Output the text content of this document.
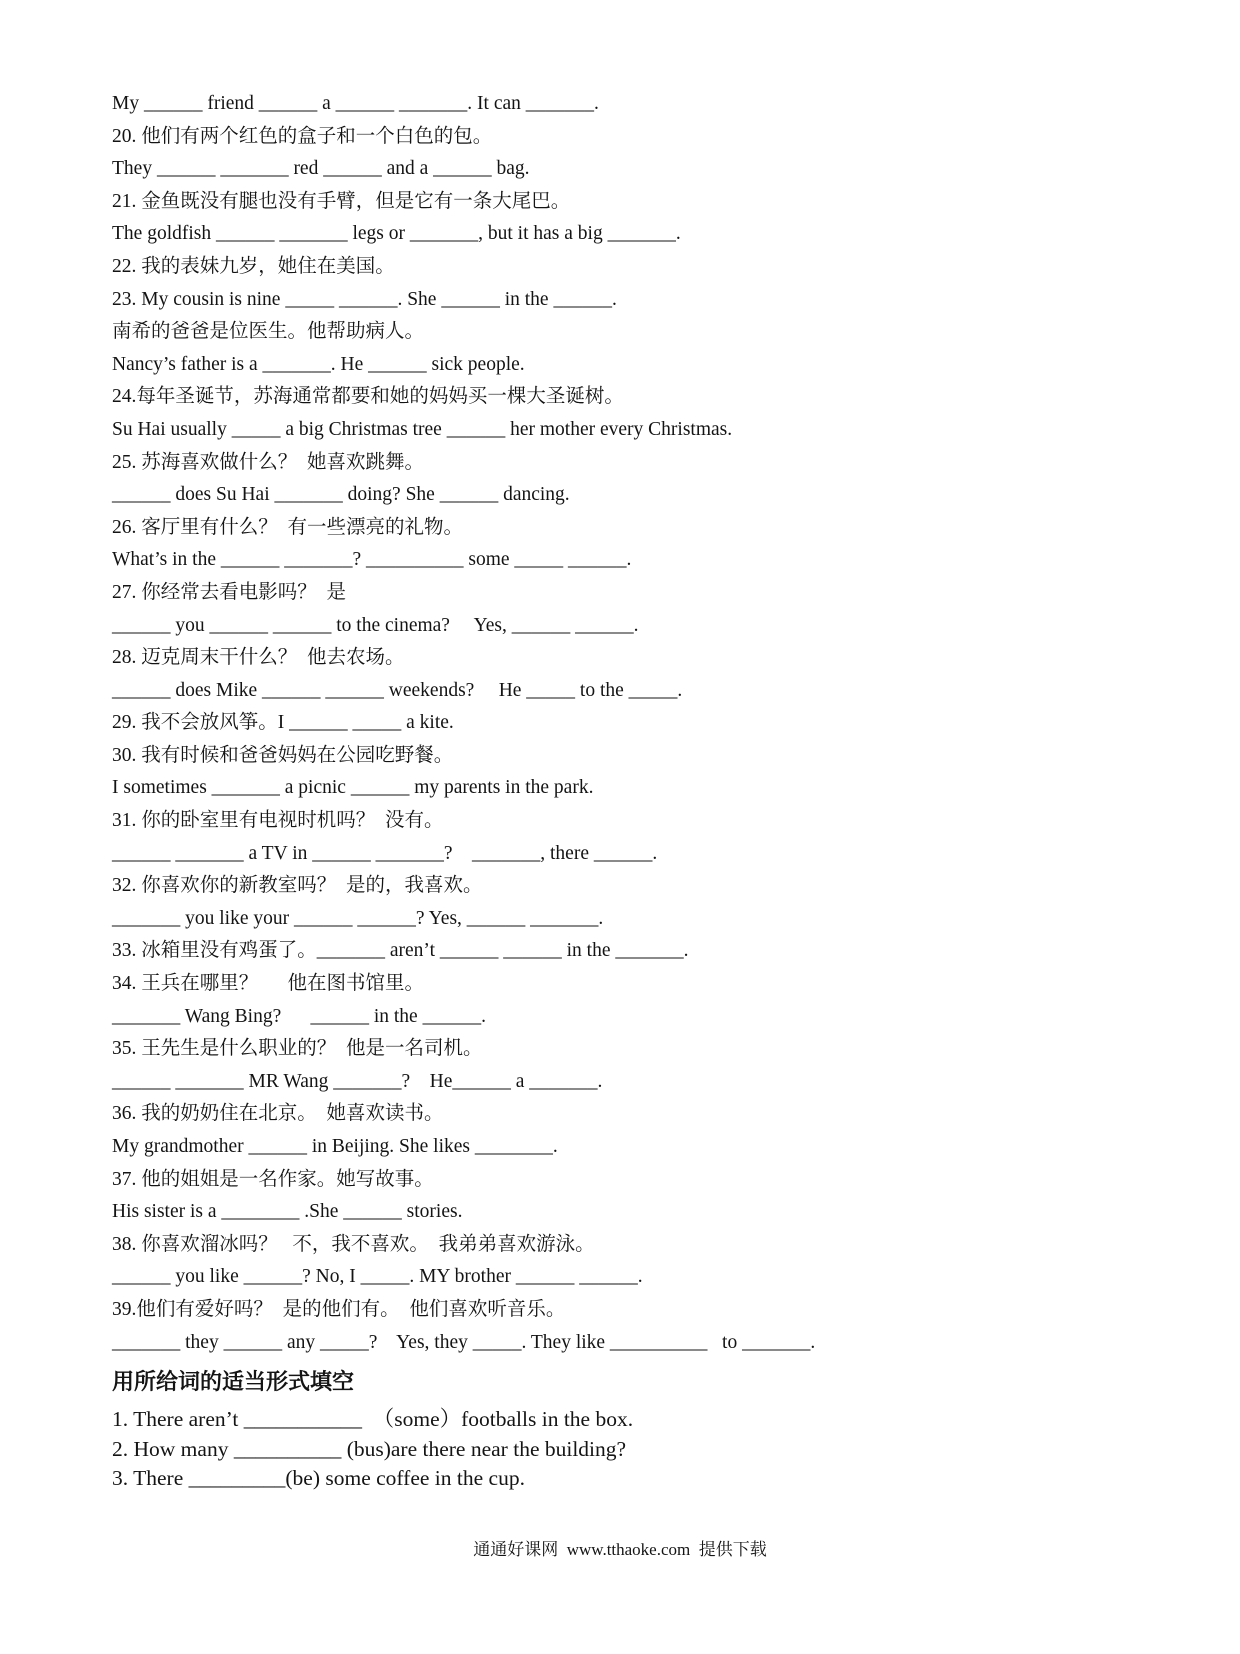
My ______ friend ______ a ______ _______. It can _______.
20. 他们有两个红色的盒子和一个白色的包。
They ______ _______ red ______ and a ______ bag.
21. 金鱼既没有腿也没有手臂，但是它有一条大尾巴。
The goldfish ______ _______ legs or _______, but it has a big _______.
22. 我的表妹九岁，她住在美国。
23. My cousin is nine _____ ______. She ______ in the ______.
南希的爸爸是位医生。他帮助病人。
Nancy’s father is a _______. He ______ sick people.
24.每年圣诞节，苏海通常都要和她的妈妈买一棵大圣诞树。
Su Hai usually _____ a big Christmas tree ______ her mother every Christmas.
25. 苏海喜欢做什么？  她喜欢跳舞。
______ does Su Hai _______ doing? She ______ dancing.
26. 客厅里有什么？  有一些漂亮的礼物。
What’s in the ______ _______? __________ some _____ ______.
27. 你经常去看电影吗？  是
______ you ______ ______ to the cinema?     Yes, ______ ______.
28. 迈克周末干什么？  他去农场。
______ does Mike ______ ______ weekends?     He _____ to the _____.
29. 我不会放风筝。I ______ _____ a kite.
30. 我有时候和爸爸妈妈在公园吃野餐。
I sometimes _______ a picnic ______ my parents in the park.
31. 你的卧室里有电视时机吗？  没有。
______ _______ a TV in ______ _______?    _______, there ______.
32. 你喜欢你的新教室吗？  是的，我喜欢。
_______ you like your ______ ______? Yes, ______ _______.
33. 冰箱里没有鸡蛋了。_______ aren’t ______ ______ in the _______.
34. 王兵在哪里？      他在图书馆里。
_______ Wang Bing?      ______ in the ______.
35. 王先生是什么职业的？  他是一名司机。
______ _______ MR Wang _______?    He______ a _______.
36. 我的奶奶住在北京。  她喜欢读书。
My grandmother ______ in Beijing. She likes ________.
37. 他的姐姐是一名作家。她写故事。
His sister is a ________ .She ______ stories.
38. 你喜欢溜冰吗？   不，我不喜欢。  我弟弟喜欢游泳。
______ you like ______? No, I _____. MY brother ______ ______.
39.他们有爱好吗？  是的他们有。  他们喜欢听音乐。
_______ they ______ any _____?    Yes, they _____. They like __________   to _______.
用所给词的适当形式填空
1. There aren’t ___________  （some）footballs in the box.
2. How many __________ (bus)are there near the building?
3. There _________(be) some coffee in the cup.
通通好课网  www.tthaoke.com  提供下载
